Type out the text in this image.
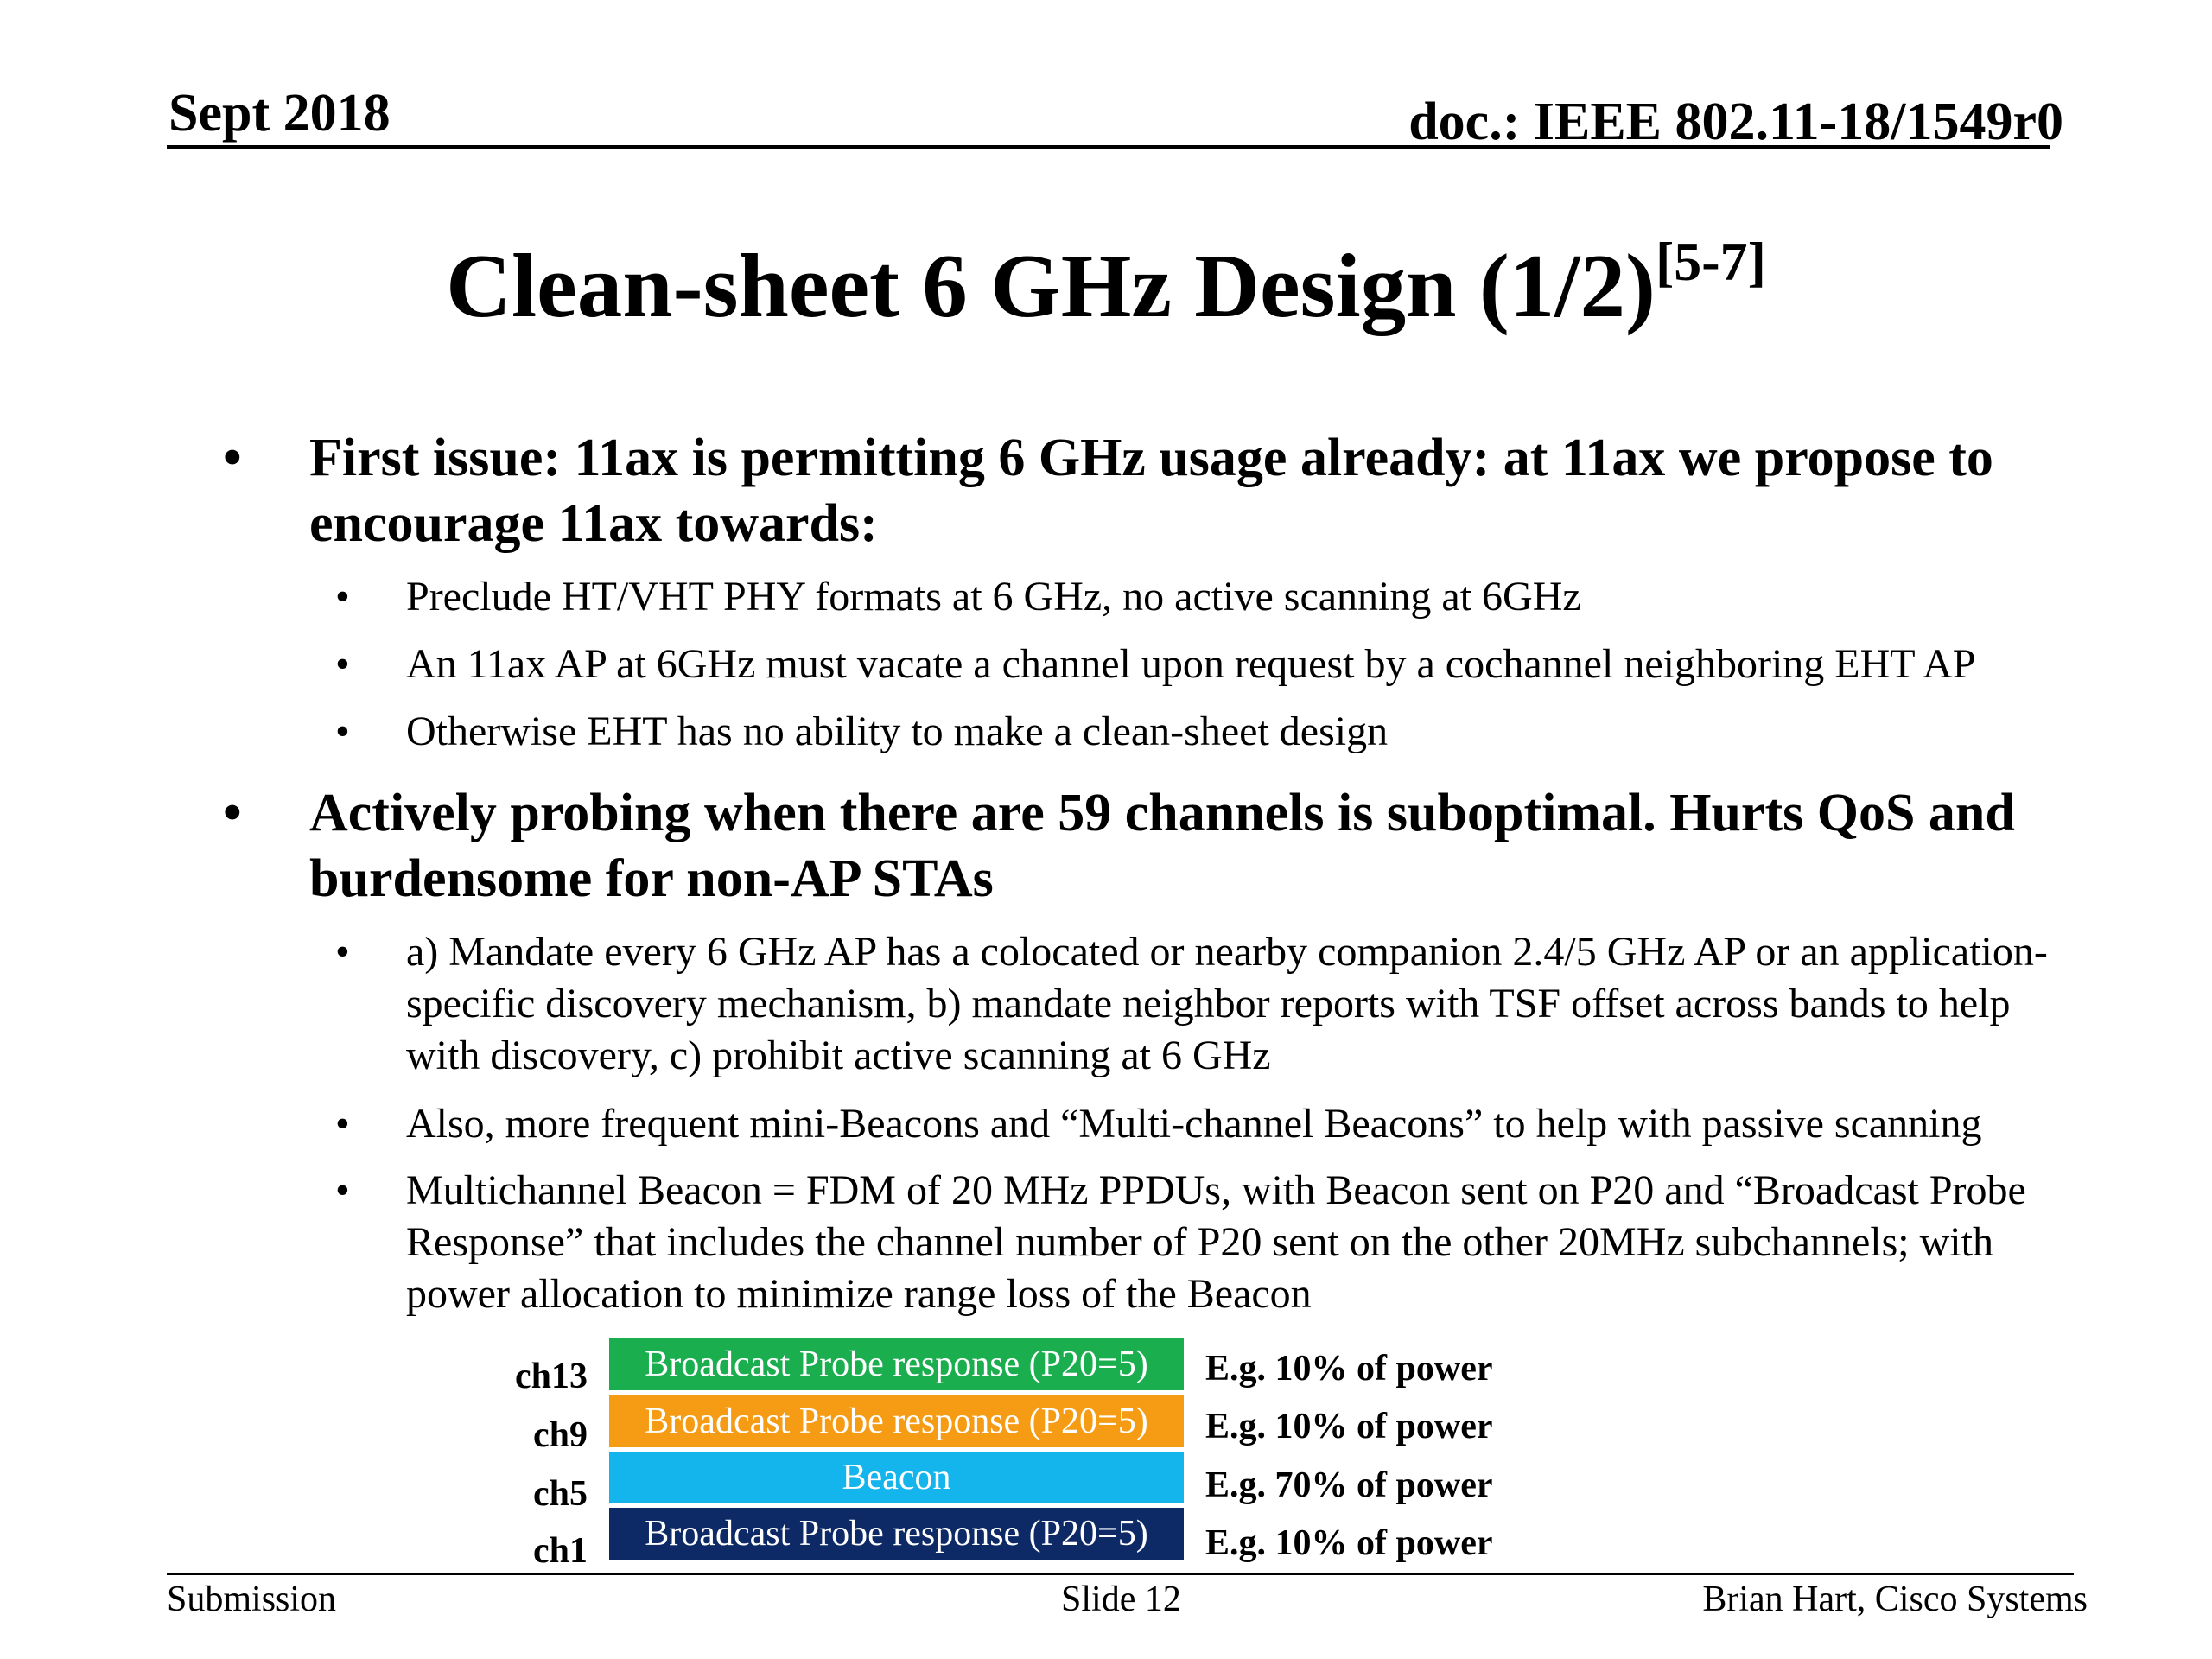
Sept 2018	doc.: IEEE 802.11-18/1549r0
Clean-sheet 6 GHz Design (1/2)[5-7]
• First issue: 11ax is permitting 6 GHz usage already: at 11ax we propose to encourage 11ax towards:
• Preclude HT/VHT PHY formats at 6 GHz, no active scanning at 6GHz
• An 11ax AP at 6GHz must vacate a channel upon request by a cochannel neighboring EHT AP
• Otherwise EHT has no ability to make a clean-sheet design
• Actively probing when there are 59 channels is suboptimal. Hurts QoS and burdensome for non-AP STAs
• a) Mandate every 6 GHz AP has a colocated or nearby companion 2.4/5 GHz AP or an application-specific discovery mechanism, b) mandate neighbor reports with TSF offset across bands to help with discovery, c) prohibit active scanning at 6 GHz
• Also, more frequent mini-Beacons and “Multi-channel Beacons” to help with passive scanning
• Multichannel Beacon = FDM of 20 MHz PPDUs, with Beacon sent on P20 and “Broadcast Probe Response” that includes the channel number of P20 sent on the other 20MHz subchannels; with power allocation to minimize range loss of the Beacon
ch13	Broadcast Probe response (P20=5)	E.g. 10% of power
ch9	Broadcast Probe response (P20=5)	E.g. 10% of power
ch5	Beacon	E.g. 70% of power
ch1	Broadcast Probe response (P20=5)	E.g. 10% of power
Submission	Slide 12	Brian Hart, Cisco Systems
